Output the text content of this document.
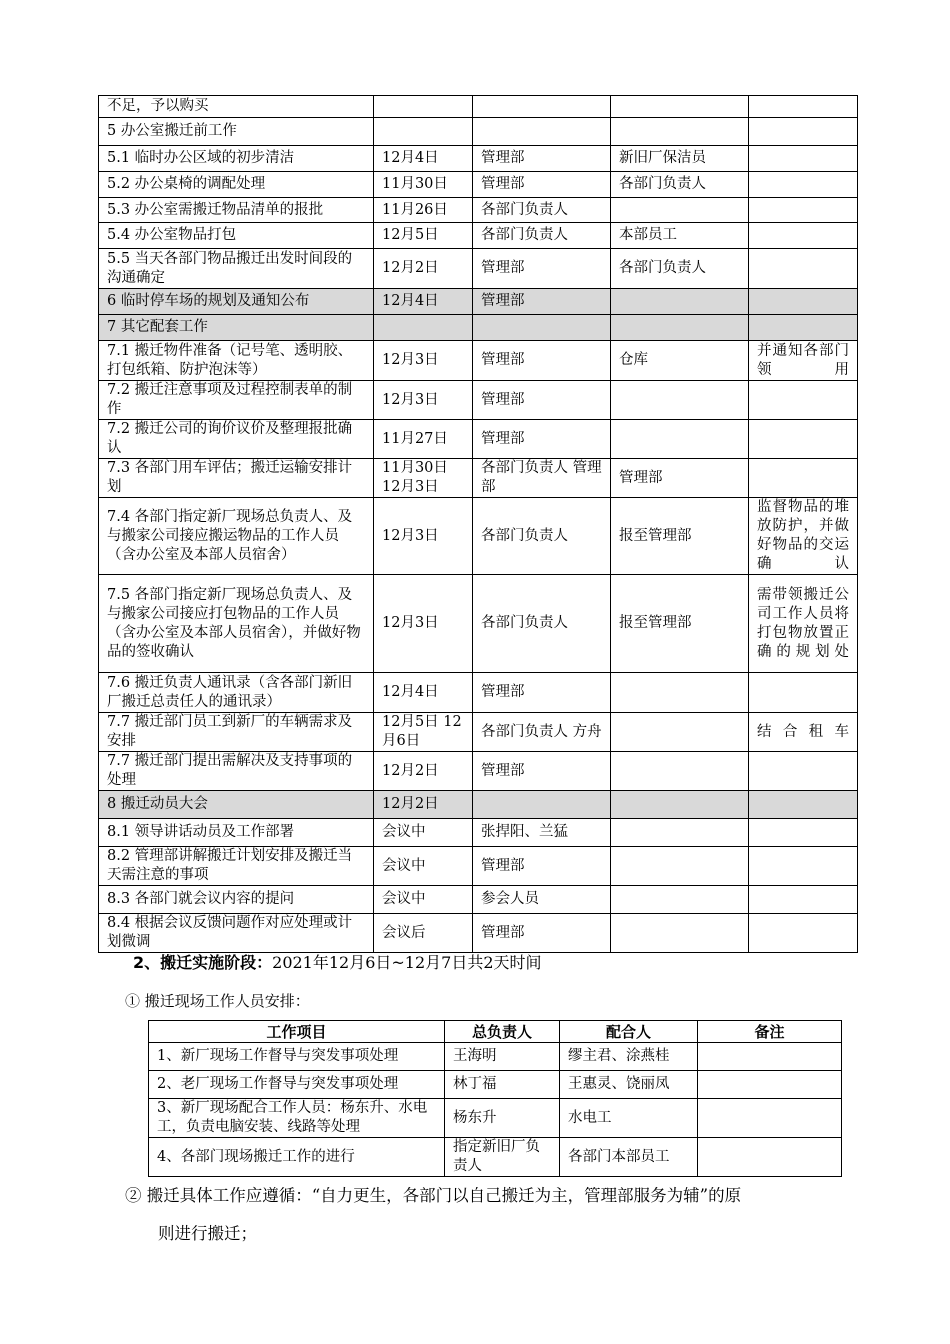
不足，予以购买				
5 办公室搬迁前工作				
5.1 临时办公区域的初步清洁	12月4日	管理部	新旧厂保洁员	
5.2 办公桌椅的调配处理	11月30日	管理部	各部门负责人	
5.3 办公室需搬迁物品清单的报批	11月26日	各部门负责人		
5.4 办公室物品打包	12月5日	各部门负责人	本部员工	
5.5 当天各部门物品搬迁出发时间段的沟通确定	12月2日	管理部	各部门负责人	
6 临时停车场的规划及通知公布	12月4日	管理部		
7 其它配套工作				
7.1 搬迁物件准备（记号笔、透明胶、打包纸箱、防护泡沫等）	12月3日	管理部	仓库	并通知各部门领用
7.2 搬迁注意事项及过程控制表单的制作	12月3日	管理部		
7.2 搬迁公司的询价议价及整理报批确认	11月27日	管理部		
7.3 各部门用车评估；搬迁运输安排计划	11月30日 12月3日	各部门负责人 管理部	管理部	
7.4 各部门指定新厂现场总负责人、及与搬家公司接应搬运物品的工作人员（含办公室及本部人员宿舍）	12月3日	各部门负责人	报至管理部	监督物品的堆放防护，并做好物品的交运确认
7.5 各部门指定新厂现场总负责人、及与搬家公司接应打包物品的工作人员（含办公室及本部人员宿舍），并做好物品的签收确认	12月3日	各部门负责人	报至管理部	需带领搬迁公司工作人员将打包物放置正确的规划处
7.6 搬迁负责人通讯录（含各部门新旧厂搬迁总责任人的通讯录）	12月4日	管理部		
7.7 搬迁部门员工到新厂的车辆需求及安排	12月5日 12月6日	各部门负责人 方舟		结合租车
7.7 搬迁部门提出需解决及支持事项的处理	12月2日	管理部		
8 搬迁动员大会	12月2日			
8.1 领导讲话动员及工作部署	会议中	张捍阳、兰猛		
8.2 管理部讲解搬迁计划安排及搬迁当天需注意的事项	会议中	管理部		
8.3 各部门就会议内容的提问	会议中	参会人员		
8.4 根据会议反馈问题作对应处理或计划微调	会议后	管理部		
2、搬迁实施阶段：2021年12月6日~12月7日共2天时间
① 搬迁现场工作人员安排：
工作项目	总负责人	配合人	备注
1、新厂现场工作督导与突发事项处理	王海明	缪主君、涂燕桂	
2、老厂现场工作督导与突发事项处理	林丁福	王惠灵、饶丽凤	
3、新厂现场配合工作人员：杨东升、水电工，负责电脑安装、线路等处理	杨东升	水电工	
4、各部门现场搬迁工作的进行	指定新旧厂负责人	各部门本部员工	
② 搬迁具体工作应遵循：“自力更生，各部门以自己搬迁为主，管理部服务为辅”的原
则进行搬迁；
